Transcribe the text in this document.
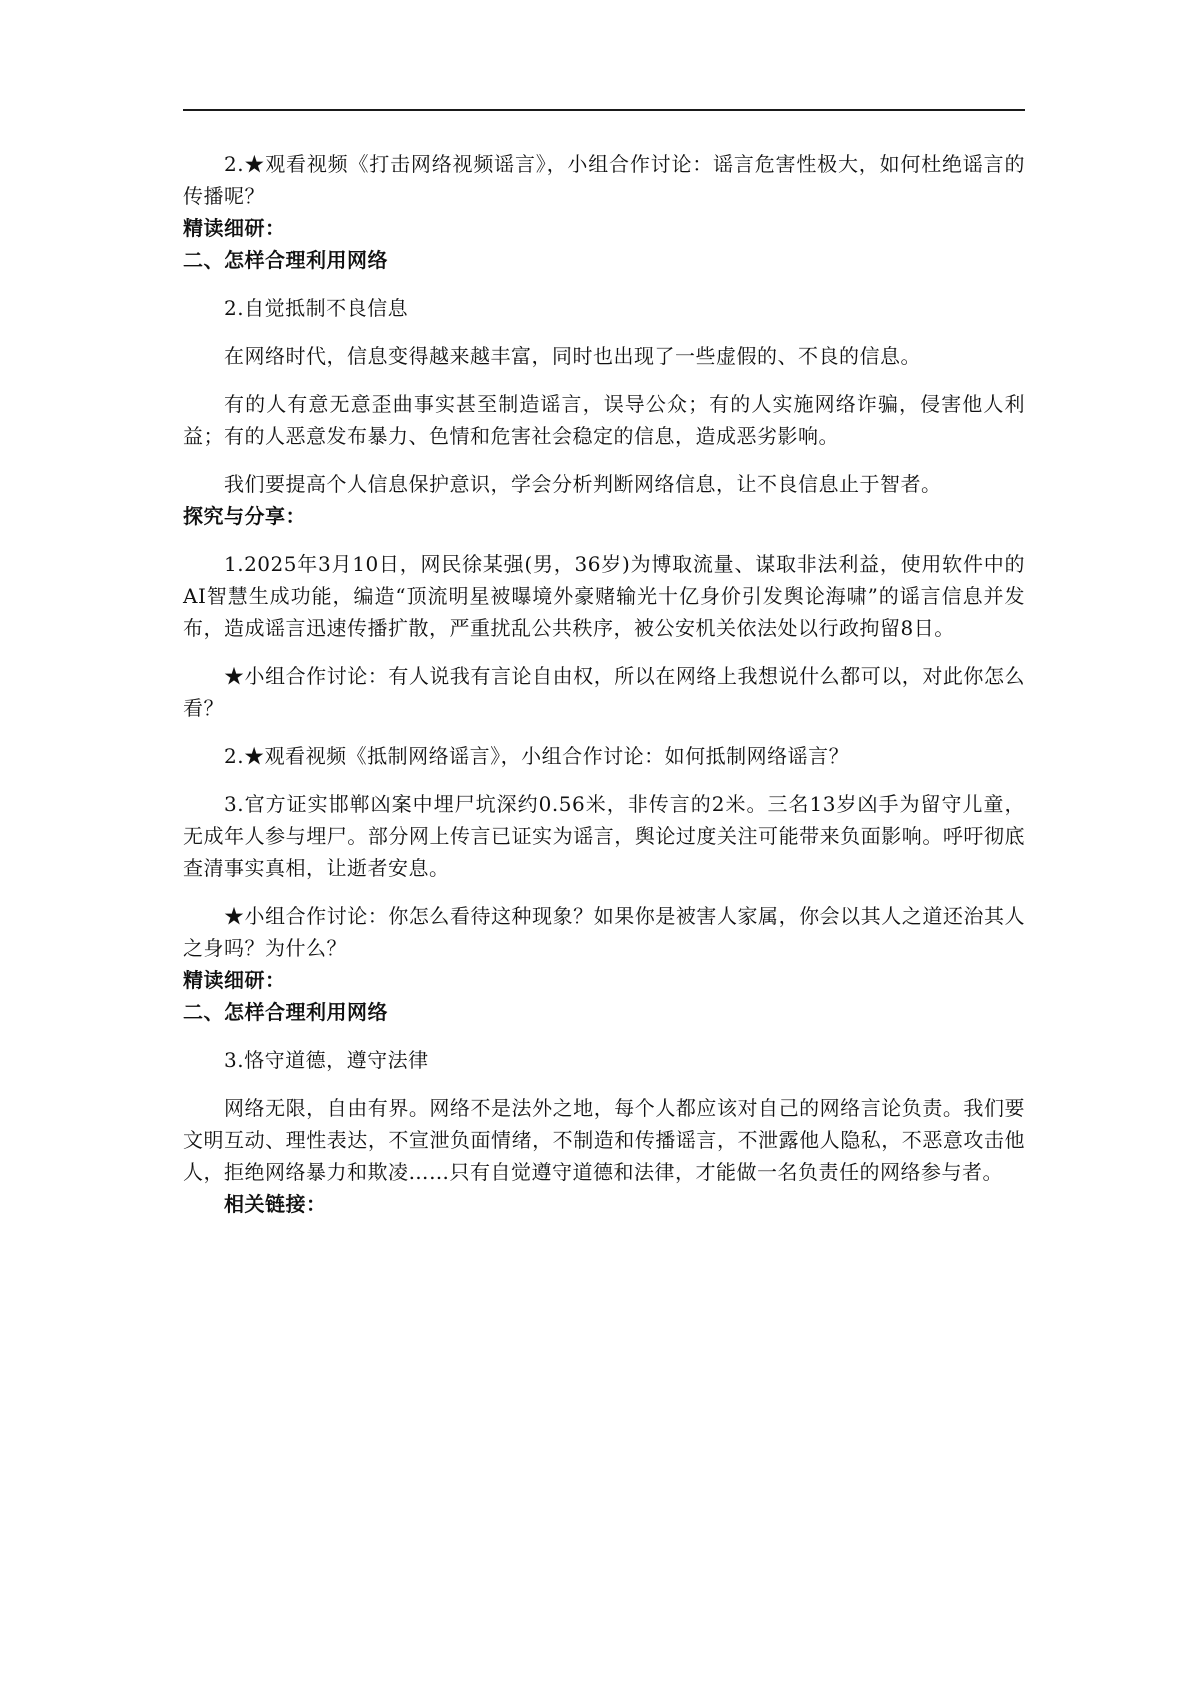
2.★观看视频《打击网络视频谣言》，小组合作讨论：谣言危害性极大，如何杜绝谣言的传播呢？

精读细研：

二、怎样合理利用网络

2.自觉抵制不良信息

在网络时代，信息变得越来越丰富，同时也出现了一些虚假的、不良的信息。

有的人有意无意歪曲事实甚至制造谣言，误导公众；有的人实施网络诈骗，侵害他人利益；有的人恶意发布暴力、色情和危害社会稳定的信息，造成恶劣影响。

我们要提高个人信息保护意识，学会分析判断网络信息，让不良信息止于智者。

探究与分享：

1.2025年3月10日，网民徐某强(男，36岁)为博取流量、谋取非法利益，使用软件中的AI智慧生成功能，编造“顶流明星被曝境外豪赌输光十亿身价引发舆论海啸”的谣言信息并发布，造成谣言迅速传播扩散，严重扰乱公共秩序，被公安机关依法处以行政拘留8日。

★小组合作讨论：有人说我有言论自由权，所以在网络上我想说什么都可以，对此你怎么看？

2.★观看视频《抵制网络谣言》，小组合作讨论：如何抵制网络谣言？

3.官方证实邯郸凶案中埋尸坑深约0.56米，非传言的2米。三名13岁凶手为留守儿童，无成年人参与埋尸。部分网上传言已证实为谣言，舆论过度关注可能带来负面影响。呼吁彻底查清事实真相，让逝者安息。

★小组合作讨论：你怎么看待这种现象？如果你是被害人家属，你会以其人之道还治其人之身吗？为什么？

精读细研：

二、怎样合理利用网络

3.恪守道德，遵守法律

网络无限，自由有界。网络不是法外之地，每个人都应该对自己的网络言论负责。我们要文明互动、理性表达，不宣泄负面情绪，不制造和传播谣言，不泄露他人隐私，不恶意攻击他人，拒绝网络暴力和欺凌……只有自觉遵守道德和法律，才能做一名负责任的网络参与者。

相关链接：
